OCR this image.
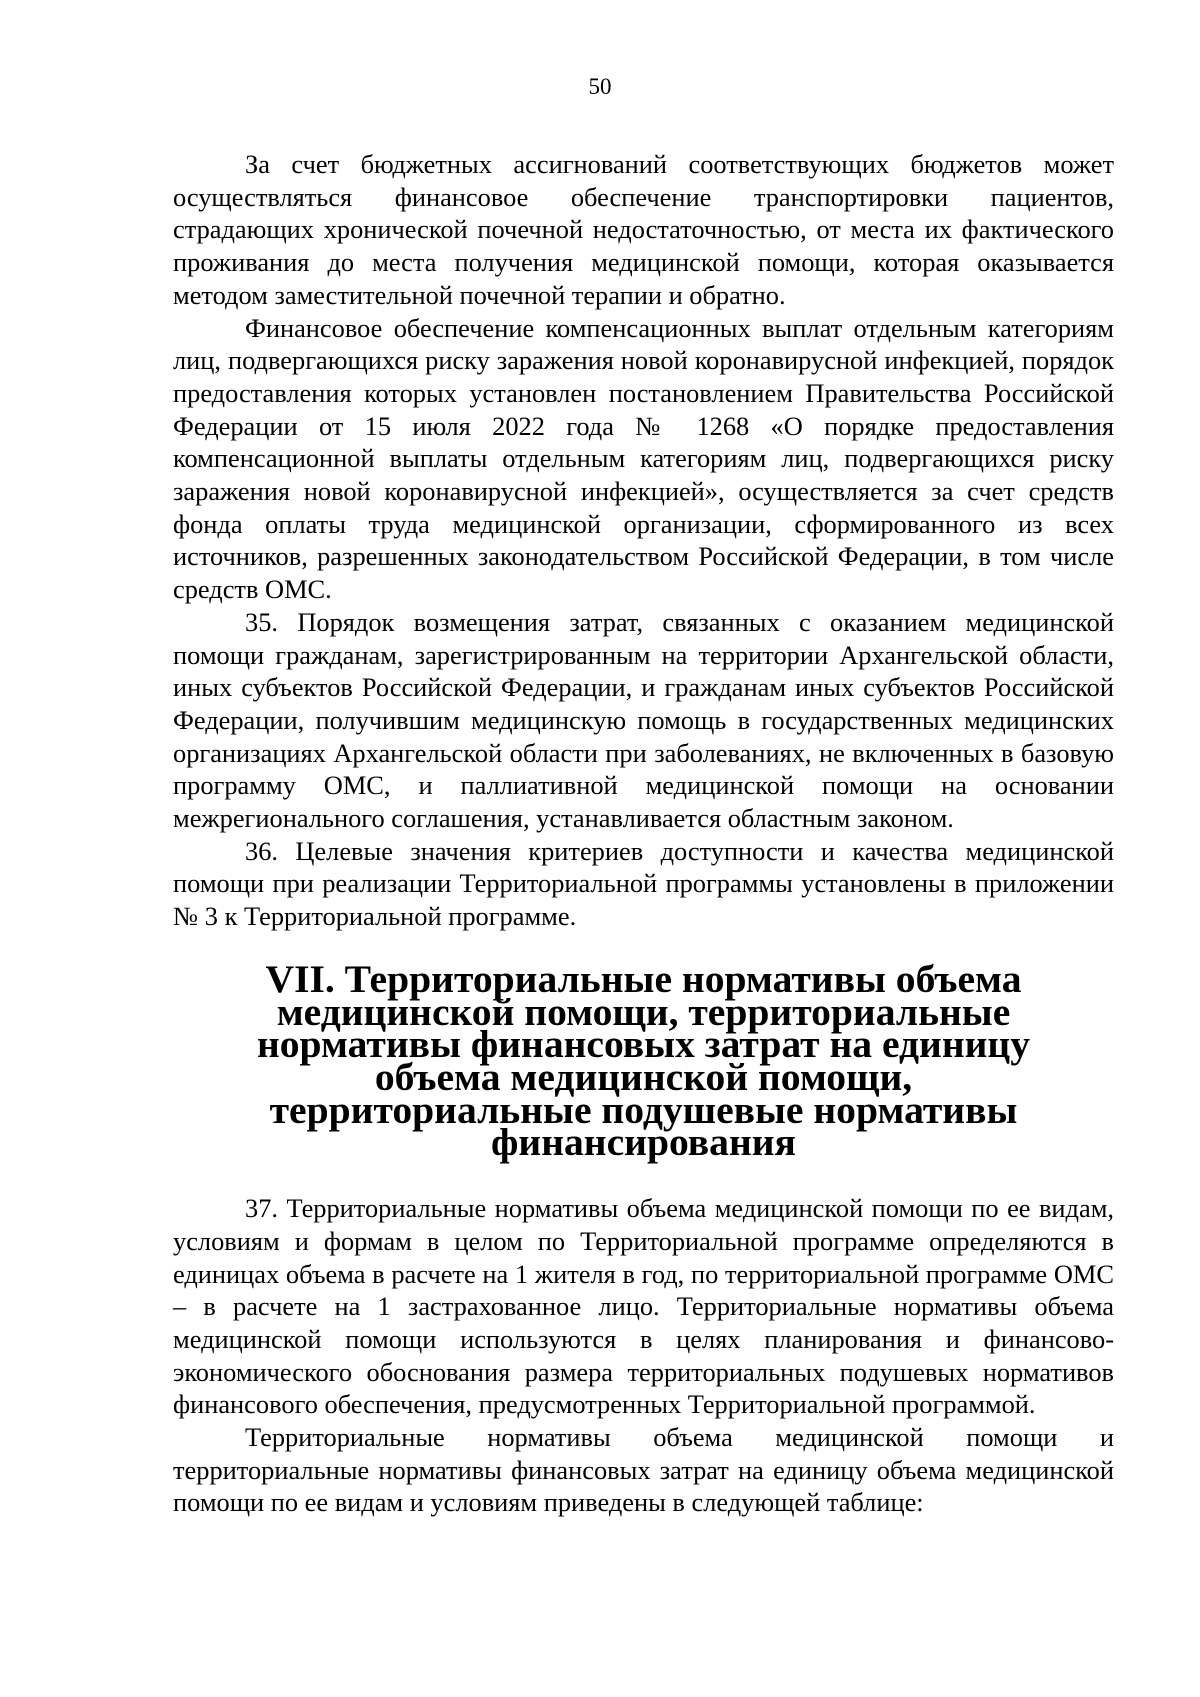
50

За счет бюджетных ассигнований соответствующих бюджетов может осуществляться финансовое обеспечение транспортировки пациентов, страдающих хронической почечной недостаточностью, от места их фактического проживания до места получения медицинской помощи, которая оказывается методом заместительной почечной терапии и обратно.

Финансовое обеспечение компенсационных выплат отдельным категориям лиц, подвергающихся риску заражения новой коронавирусной инфекцией, порядок предоставления которых установлен постановлением Правительства Российской Федерации от 15 июля 2022 года № 1268 «О порядке предоставления компенсационной выплаты отдельным категориям лиц, подвергающихся риску заражения новой коронавирусной инфекцией», осуществляется за счет средств фонда оплаты труда медицинской организации, сформированного из всех источников, разрешенных законодательством Российской Федерации, в том числе средств ОМС.

35. Порядок возмещения затрат, связанных с оказанием медицинской помощи гражданам, зарегистрированным на территории Архангельской области, иных субъектов Российской Федерации, и гражданам иных субъектов Российской Федерации, получившим медицинскую помощь в государственных медицинских организациях Архангельской области при заболеваниях, не включенных в базовую программу ОМС, и паллиативной медицинской помощи на основании межрегионального соглашения, устанавливается областным законом.

36. Целевые значения критериев доступности и качества медицинской помощи при реализации Территориальной программы установлены в приложении № 3 к Территориальной программе.

VII. Территориальные нормативы объема медицинской помощи, территориальные нормативы финансовых затрат на единицу объема медицинской помощи, территориальные подушевые нормативы финансирования

37. Территориальные нормативы объема медицинской помощи по ее видам, условиям и формам в целом по Территориальной программе определяются в единицах объема в расчете на 1 жителя в год, по территориальной программе ОМС – в расчете на 1 застрахованное лицо. Территориальные нормативы объема медицинской помощи используются в целях планирования и финансово-экономического обоснования размера территориальных подушевых нормативов финансового обеспечения, предусмотренных Территориальной программой.

Территориальные нормативы объема медицинской помощи и территориальные нормативы финансовых затрат на единицу объема медицинской помощи по ее видам и условиям приведены в следующей таблице:
